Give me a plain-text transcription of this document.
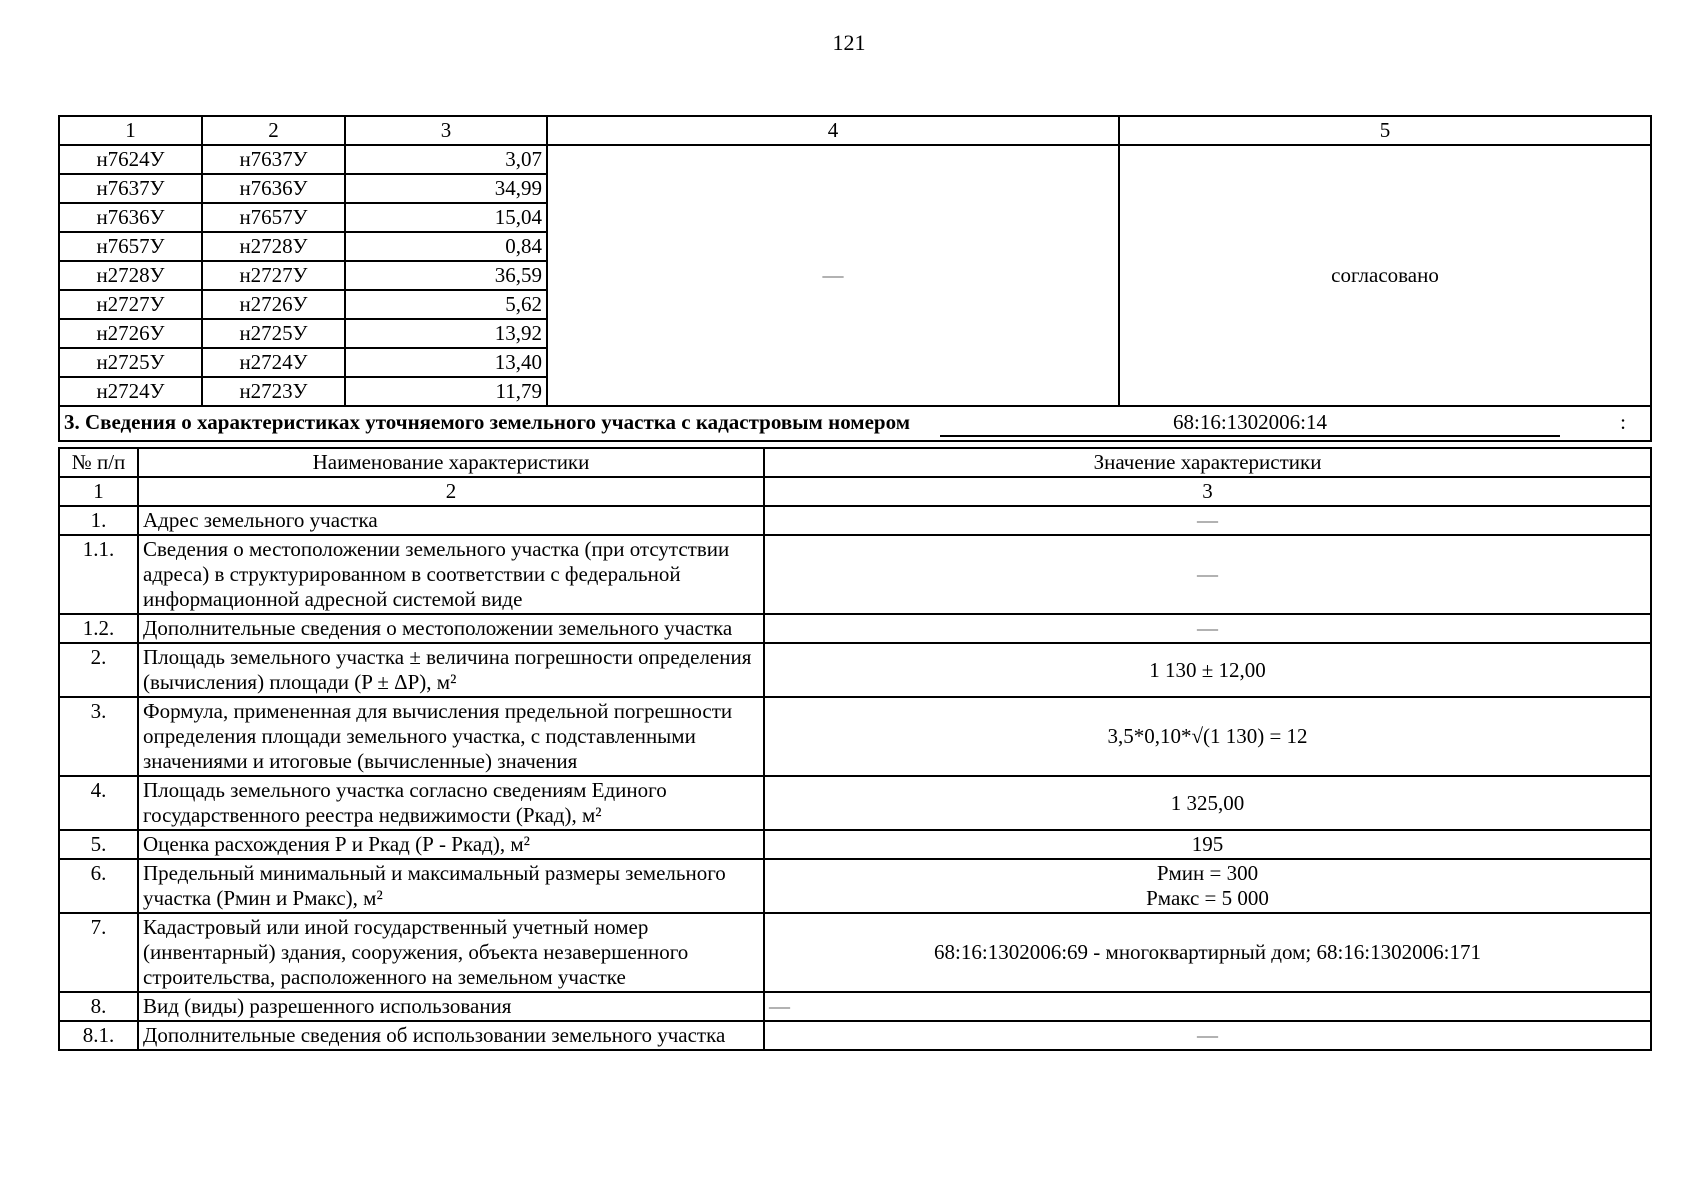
121
1	2	3	4	5
н7624У	н7637У	3,07	—	согласовано
н7637У	н7636У	34,99		
н7636У	н7657У	15,04		
н7657У	н2728У	0,84		
н2728У	н2727У	36,59		
н2727У	н2726У	5,62		
н2726У	н2725У	13,92		
н2725У	н2724У	13,40		
н2724У	н2723У	11,79		
3. Сведения о характеристиках уточняемого земельного участка с кадастровым номером 68:16:1302006:14 :				
№ п/п	Наименование характеристики	Значение характеристики
1	2	3
1.	Адрес земельного участка	—
1.1.	Сведения о местоположении земельного участка (при отсутствии адреса) в структурированном в соответствии с федеральной информационной адресной системой виде	—
1.2.	Дополнительные сведения о местоположении земельного участка	—
2.	Площадь земельного участка ± величина погрешности определения (вычисления) площади (P ± ΔP), м²	1 130 ± 12,00
3.	Формула, примененная для вычисления предельной погрешности определения площади земельного участка, с подставленными значениями и итоговые (вычисленные) значения	3,5*0,10*√(1 130) = 12
4.	Площадь земельного участка согласно сведениям Единого государственного реестра недвижимости (Ркад), м²	1 325,00
5.	Оценка расхождения Р и Ркад (Р - Ркад), м²	195
6.	Предельный минимальный и максимальный размеры земельного участка (Рмин и Рмакс), м²	Рмин = 300
Рмакс = 5 000

7.	Кадастровый или иной государственный учетный номер (инвентарный) здания, сооружения, объекта незавершенного строительства, расположенного на земельном участке	68:16:1302006:69 - многоквартирный дом; 68:16:1302006:171
8.	Вид (виды) разрешенного использования	—
8.1.	Дополнительные сведения об использовании земельного участка	—
